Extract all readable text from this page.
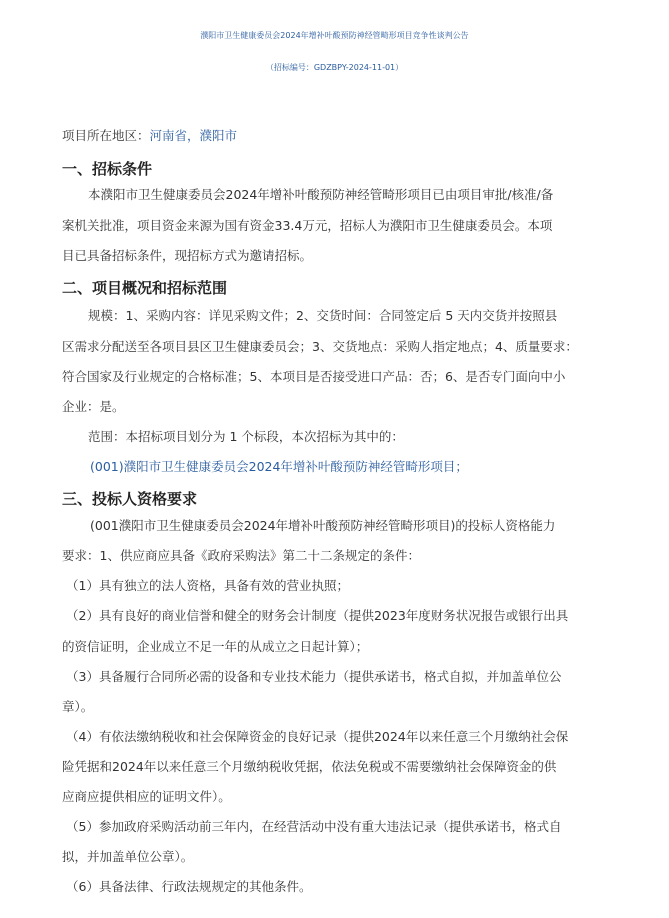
濮阳市卫生健康委员会2024年增补叶酸预防神经管畸形项目竞争性谈判公告
（招标编号：GDZBPY-2024-11-01）
项目所在地区：河南省，濮阳市
一、招标条件
本濮阳市卫生健康委员会2024年增补叶酸预防神经管畸形项目已由项目审批/核准/备
案机关批准，项目资金来源为国有资金33.4万元，招标人为濮阳市卫生健康委员会。本项
目已具备招标条件，现招标方式为邀请招标。
二、项目概况和招标范围
规模：1、采购内容：详见采购文件；2、交货时间：合同签定后 5 天内交货并按照县
区需求分配送至各项目县区卫生健康委员会；3、交货地点：采购人指定地点；4、质量要求：
符合国家及行业规定的合格标准；5、本项目是否接受进口产品：否；6、是否专门面向中小
企业：是。
范围：本招标项目划分为 1 个标段，本次招标为其中的：
(001)濮阳市卫生健康委员会2024年增补叶酸预防神经管畸形项目；
三、投标人资格要求
(001濮阳市卫生健康委员会2024年增补叶酸预防神经管畸形项目)的投标人资格能力
要求：1、供应商应具备《政府采购法》第二十二条规定的条件：
（1）具有独立的法人资格，具备有效的营业执照；
（2）具有良好的商业信誉和健全的财务会计制度（提供2023年度财务状况报告或银行出具
的资信证明，企业成立不足一年的从成立之日起计算）；
（3）具备履行合同所必需的设备和专业技术能力（提供承诺书，格式自拟，并加盖单位公
章）。
（4）有依法缴纳税收和社会保障资金的良好记录（提供2024年以来任意三个月缴纳社会保
险凭据和2024年以来任意三个月缴纳税收凭据，依法免税或不需要缴纳社会保障资金的供
应商应提供相应的证明文件）。
（5）参加政府采购活动前三年内，在经营活动中没有重大违法记录（提供承诺书，格式自
拟，并加盖单位公章）。
（6）具备法律、行政法规规定的其他条件。
